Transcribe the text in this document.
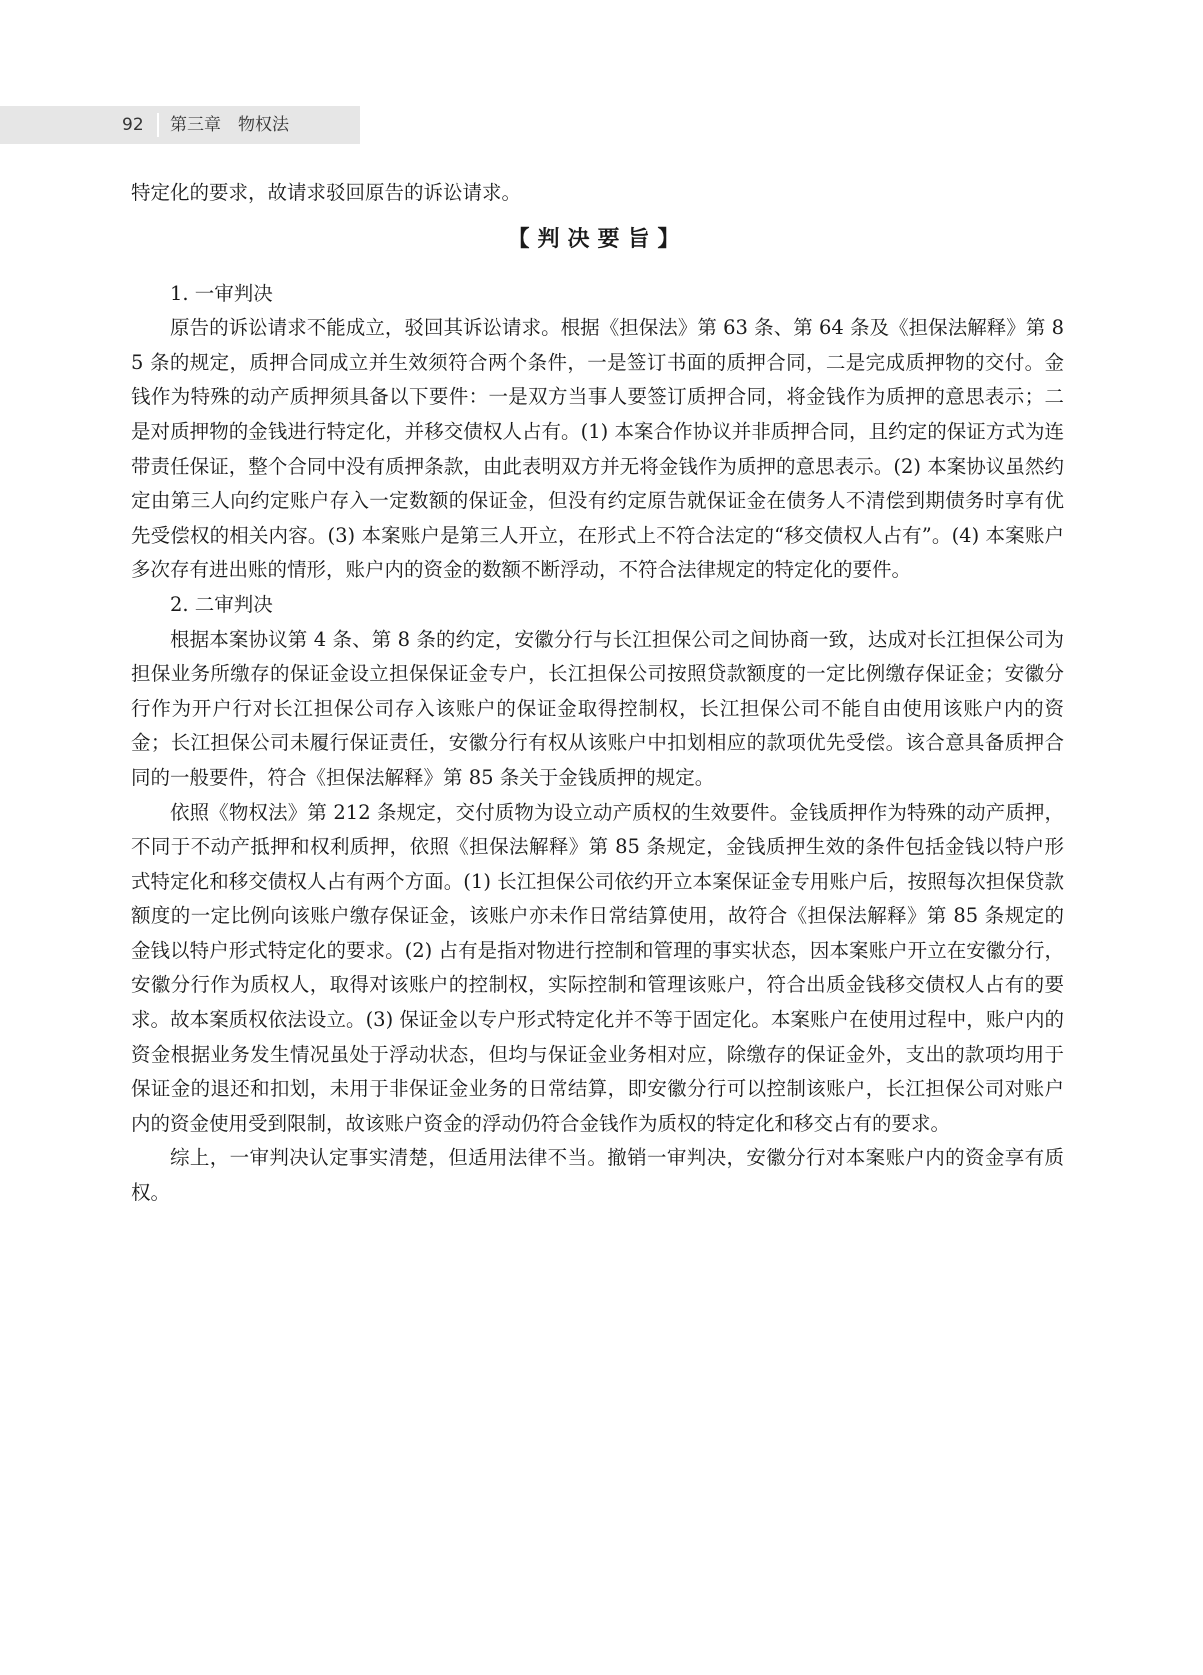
92	第三章　物权法

特定化的要求，故请求驳回原告的诉讼请求。

【判决要旨】

1. 一审判决

原告的诉讼请求不能成立，驳回其诉讼请求。根据《担保法》第 63 条、第 64 条及《担保法解释》第 85 条的规定，质押合同成立并生效须符合两个条件，一是签订书面的质押合同，二是完成质押物的交付。金钱作为特殊的动产质押须具备以下要件：一是双方当事人要签订质押合同，将金钱作为质押的意思表示；二是对质押物的金钱进行特定化，并移交债权人占有。(1) 本案合作协议并非质押合同，且约定的保证方式为连带责任保证，整个合同中没有质押条款，由此表明双方并无将金钱作为质押的意思表示。(2) 本案协议虽然约定由第三人向约定账户存入一定数额的保证金，但没有约定原告就保证金在债务人不清偿到期债务时享有优先受偿权的相关内容。(3) 本案账户是第三人开立，在形式上不符合法定的“移交债权人占有”。(4) 本案账户多次存有进出账的情形，账户内的资金的数额不断浮动，不符合法律规定的特定化的要件。

2. 二审判决

根据本案协议第 4 条、第 8 条的约定，安徽分行与长江担保公司之间协商一致，达成对长江担保公司为担保业务所缴存的保证金设立担保保证金专户，长江担保公司按照贷款额度的一定比例缴存保证金；安徽分行作为开户行对长江担保公司存入该账户的保证金取得控制权，长江担保公司不能自由使用该账户内的资金；长江担保公司未履行保证责任，安徽分行有权从该账户中扣划相应的款项优先受偿。该合意具备质押合同的一般要件，符合《担保法解释》第 85 条关于金钱质押的规定。

依照《物权法》第 212 条规定，交付质物为设立动产质权的生效要件。金钱质押作为特殊的动产质押，不同于不动产抵押和权利质押，依照《担保法解释》第 85 条规定，金钱质押生效的条件包括金钱以特户形式特定化和移交债权人占有两个方面。(1) 长江担保公司依约开立本案保证金专用账户后，按照每次担保贷款额度的一定比例向该账户缴存保证金，该账户亦未作日常结算使用，故符合《担保法解释》第 85 条规定的金钱以特户形式特定化的要求。(2) 占有是指对物进行控制和管理的事实状态，因本案账户开立在安徽分行，安徽分行作为质权人，取得对该账户的控制权，实际控制和管理该账户，符合出质金钱移交债权人占有的要求。故本案质权依法设立。(3) 保证金以专户形式特定化并不等于固定化。本案账户在使用过程中，账户内的资金根据业务发生情况虽处于浮动状态，但均与保证金业务相对应，除缴存的保证金外，支出的款项均用于保证金的退还和扣划，未用于非保证金业务的日常结算，即安徽分行可以控制该账户，长江担保公司对账户内的资金使用受到限制，故该账户资金的浮动仍符合金钱作为质权的特定化和移交占有的要求。

综上，一审判决认定事实清楚，但适用法律不当。撤销一审判决，安徽分行对本案账户内的资金享有质权。
